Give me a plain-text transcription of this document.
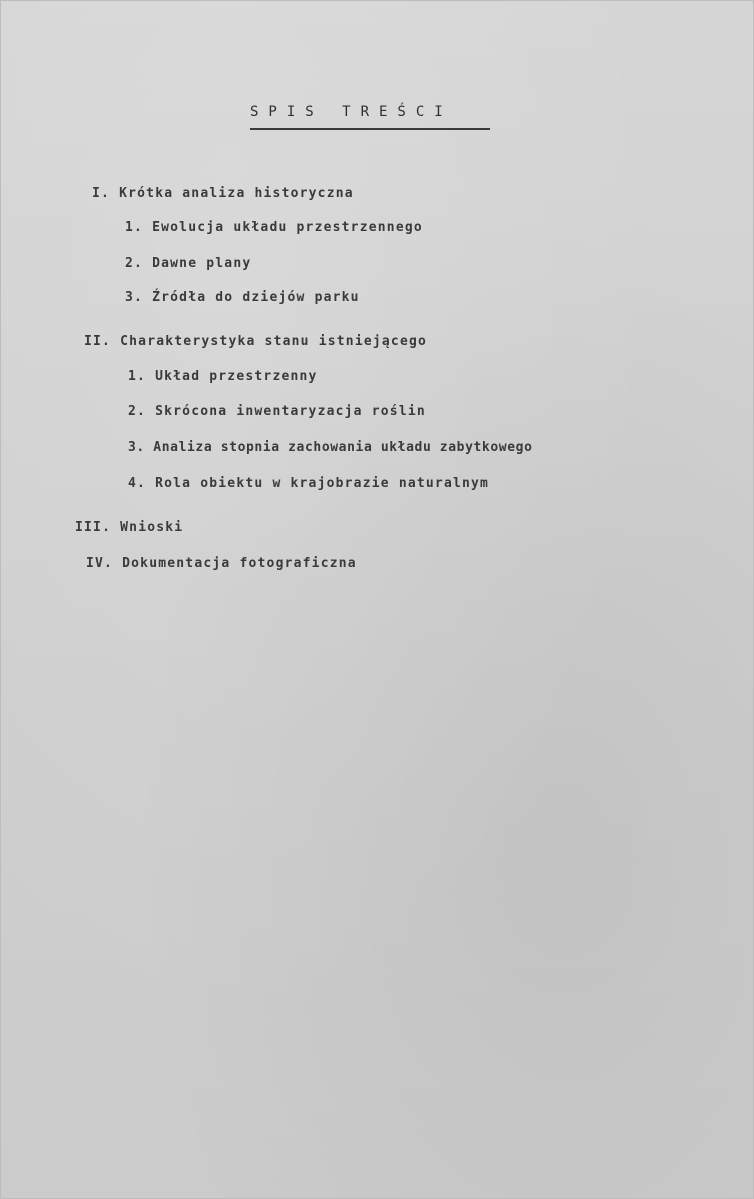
SPIS TREŚCI
I. Krótka analiza historyczna
1. Ewolucja układu przestrzennego
2. Dawne plany
3. Źródła do dziejów parku
II. Charakterystyka stanu istniejącego
1. Układ przestrzenny
2. Skrócona inwentaryzacja roślin
3. Analiza stopnia zachowania układu zabytkowego
4. Rola obiektu w krajobrazie naturalnym
III. Wnioski
IV. Dokumentacja fotograficzna
